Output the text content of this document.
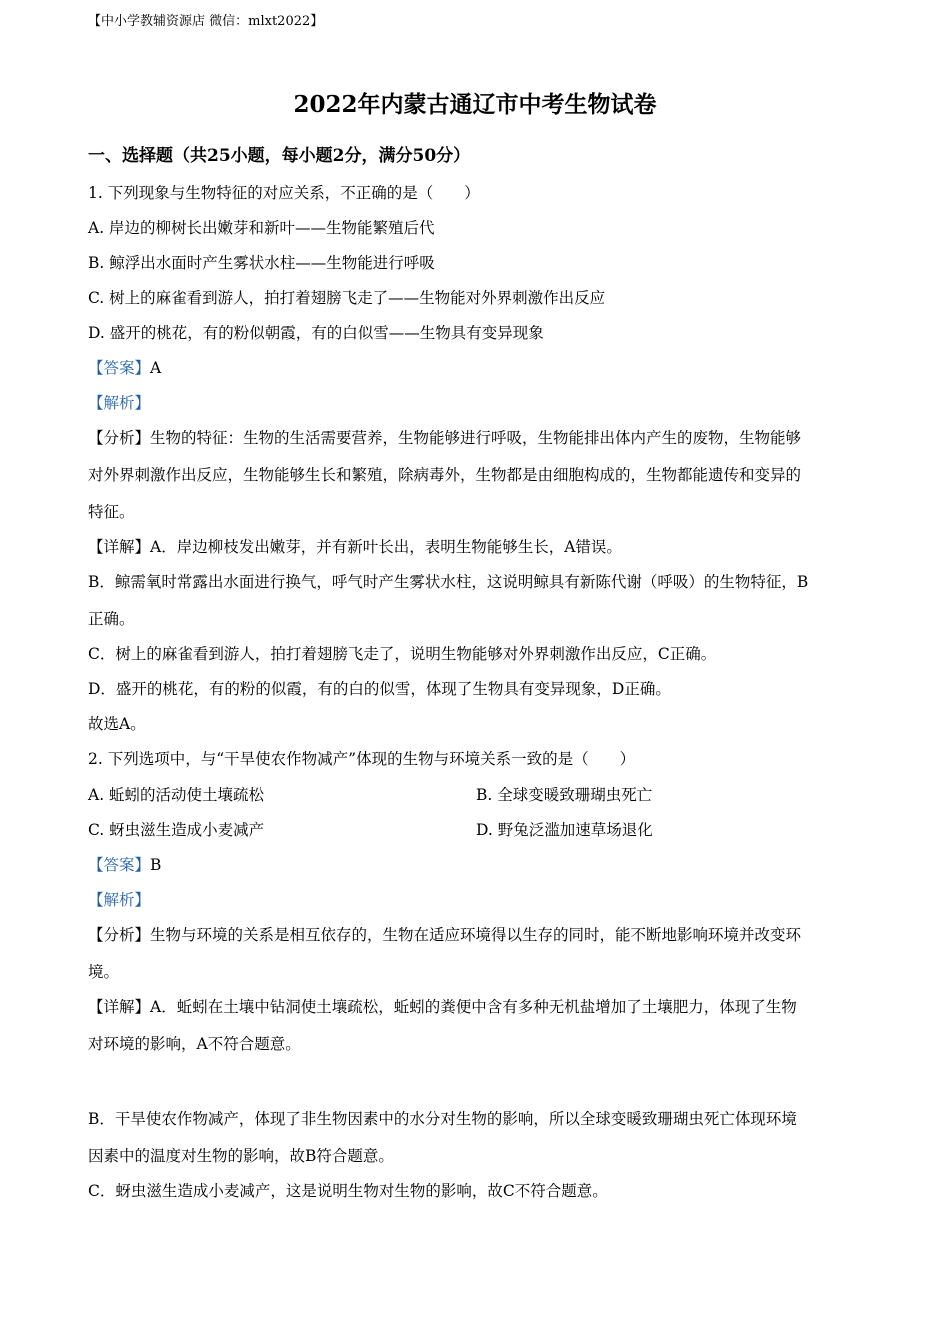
【中小学教辅资源店 微信：mlxt2022】
2022年内蒙古通辽市中考生物试卷
一、选择题（共25小题，每小题2分，满分50分）
1. 下列现象与生物特征的对应关系，不正确的是（　　）
A. 岸边的柳树长出嫩芽和新叶——生物能繁殖后代
B. 鲸浮出水面时产生雾状水柱——生物能进行呼吸
C. 树上的麻雀看到游人，拍打着翅膀飞走了——生物能对外界刺激作出反应
D. 盛开的桃花，有的粉似朝霞，有的白似雪——生物具有变异现象
【答案】A
【解析】
【分析】生物的特征：生物的生活需要营养，生物能够进行呼吸，生物能排出体内产生的废物，生物能够
对外界刺激作出反应，生物能够生长和繁殖，除病毒外，生物都是由细胞构成的，生物都能遗传和变异的
特征。
【详解】A．岸边柳枝发出嫩芽，并有新叶长出，表明生物能够生长，A错误。
B．鲸需氧时常露出水面进行换气，呼气时产生雾状水柱，这说明鲸具有新陈代谢（呼吸）的生物特征，B
正确。
C．树上的麻雀看到游人，拍打着翅膀飞走了，说明生物能够对外界刺激作出反应，C正确。
D．盛开的桃花，有的粉的似霞，有的白的似雪，体现了生物具有变异现象，D正确。
故选A。
2. 下列选项中，与“干旱使农作物减产”体现的生物与环境关系一致的是（　　）
A. 蚯蚓的活动使土壤疏松	B. 全球变暖致珊瑚虫死亡
C. 蚜虫滋生造成小麦减产	D. 野兔泛滥加速草场退化
【答案】B
【解析】
【分析】生物与环境的关系是相互依存的，生物在适应环境得以生存的同时，能不断地影响环境并改变环
境。
【详解】A．蚯蚓在土壤中钻洞使土壤疏松，蚯蚓的粪便中含有多种无机盐增加了土壤肥力，体现了生物
对环境的影响，A不符合题意。
B．干旱使农作物减产，体现了非生物因素中的水分对生物的影响，所以全球变暖致珊瑚虫死亡体现环境
因素中的温度对生物的影响，故B符合题意。
C．蚜虫滋生造成小麦减产，这是说明生物对生物的影响，故C不符合题意。
